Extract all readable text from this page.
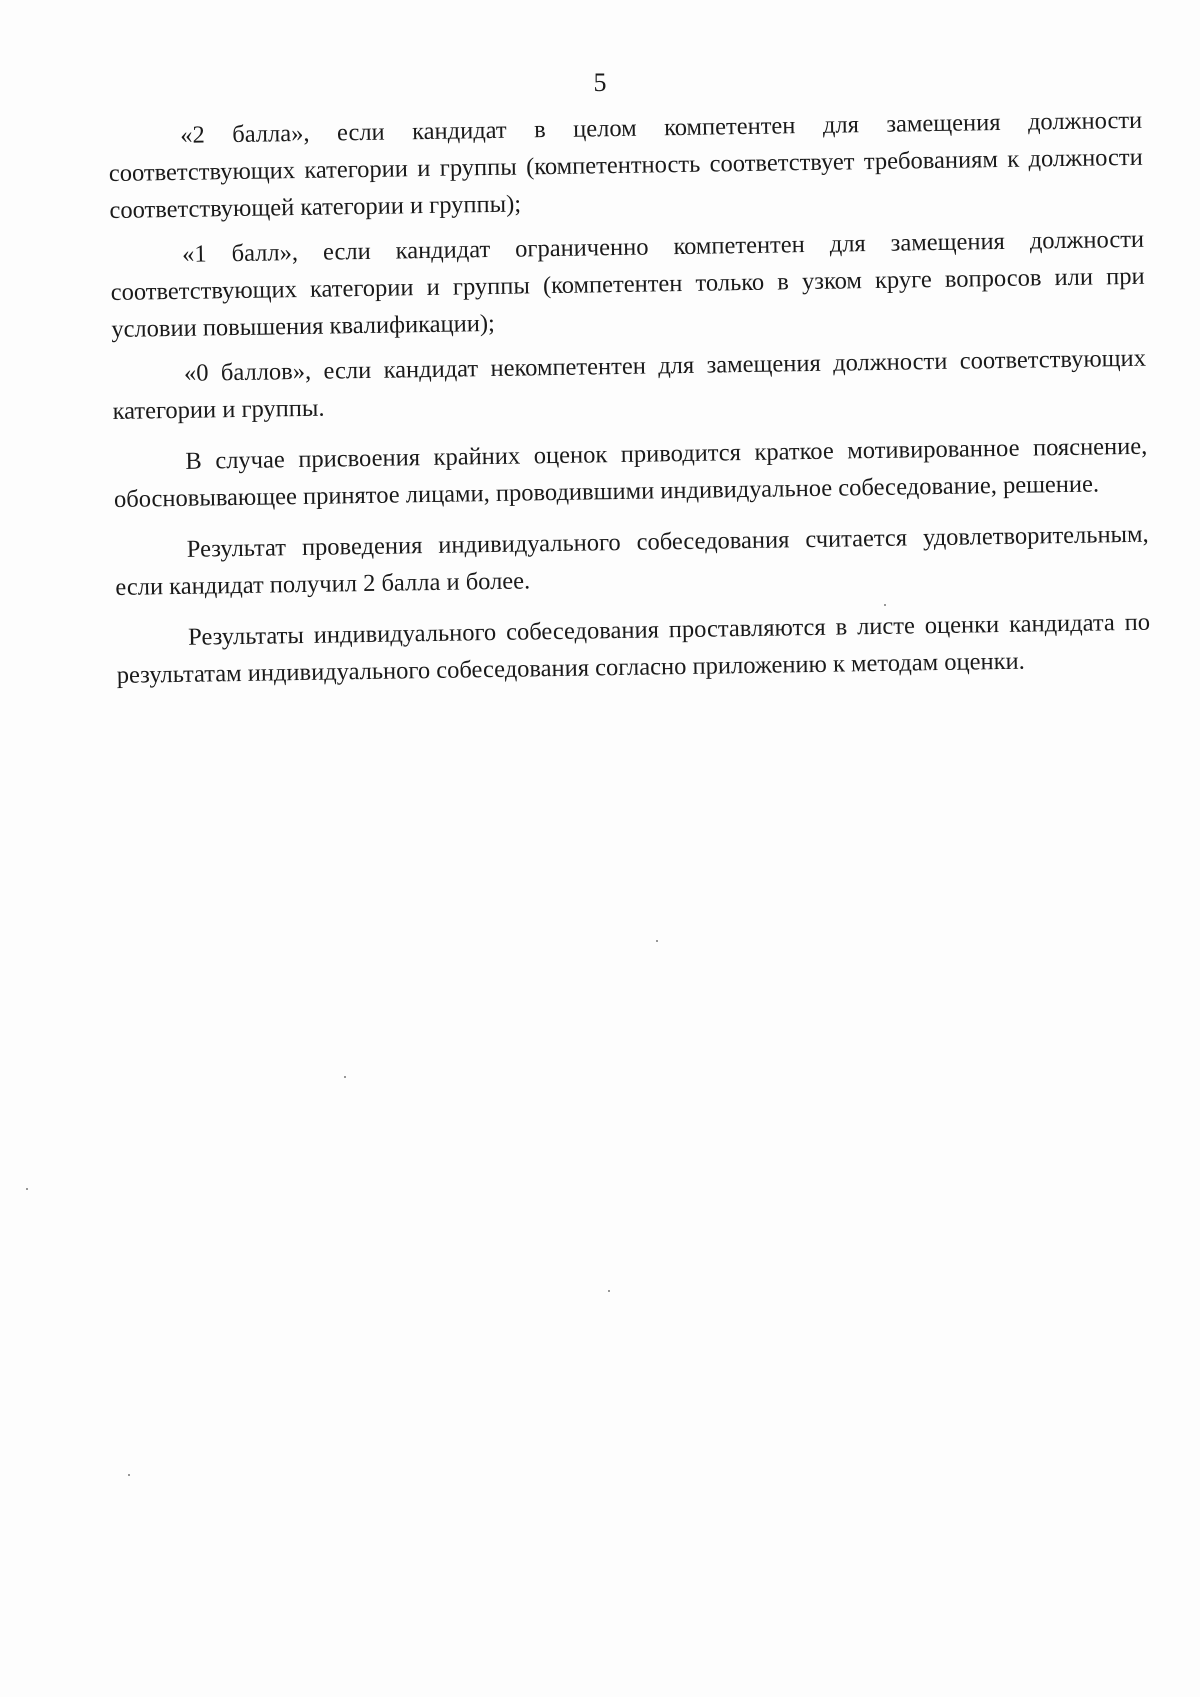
5

«2 балла», если кандидат в целом компетентен для замещения должности соответствующих категории и группы (компетентность соответствует требованиям к должности соответствующей категории и группы);

«1 балл», если кандидат ограниченно компетентен для замещения должности соответствующих категории и группы (компетентен только в узком круге вопросов или при условии повышения квалификации);

«0 баллов», если кандидат некомпетентен для замещения должности соответствующих категории и группы.

В случае присвоения крайних оценок приводится краткое мотивированное пояснение, обосновывающее принятое лицами, проводившими индивидуальное собеседование, решение.

Результат проведения индивидуального собеседования считается удовлетворительным, если кандидат получил 2 балла и более.

Результаты индивидуального собеседования проставляются в листе оценки кандидата по результатам индивидуального собеседования согласно приложению к методам оценки.
